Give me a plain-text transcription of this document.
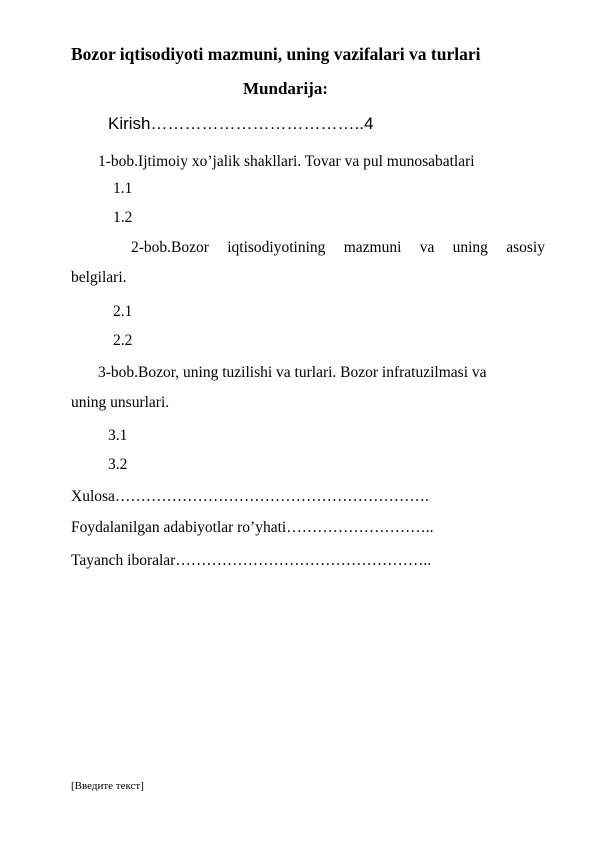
Bozor iqtisodiyoti mazmuni, uning vazifalari va turlari
Mundarija:
Kirish………………………………..4
1-bob.Ijtimoiy xo’jalik shakllari. Tovar va pul munosabatlari
1.1
1.2
2-bob.Bozor iqtisodiyotining mazmuni va uning asosiy
belgilari.
2.1
2.2
3-bob.Bozor, uning tuzilishi va turlari. Bozor infratuzilmasi va
uning unsurlari.
3.1
3.2
Xulosa…………………………………………………….
Foydalanilgan adabiyotlar ro’yhati………………………..
Tayanch iboralar…………………………………………..
[Введите текст]
